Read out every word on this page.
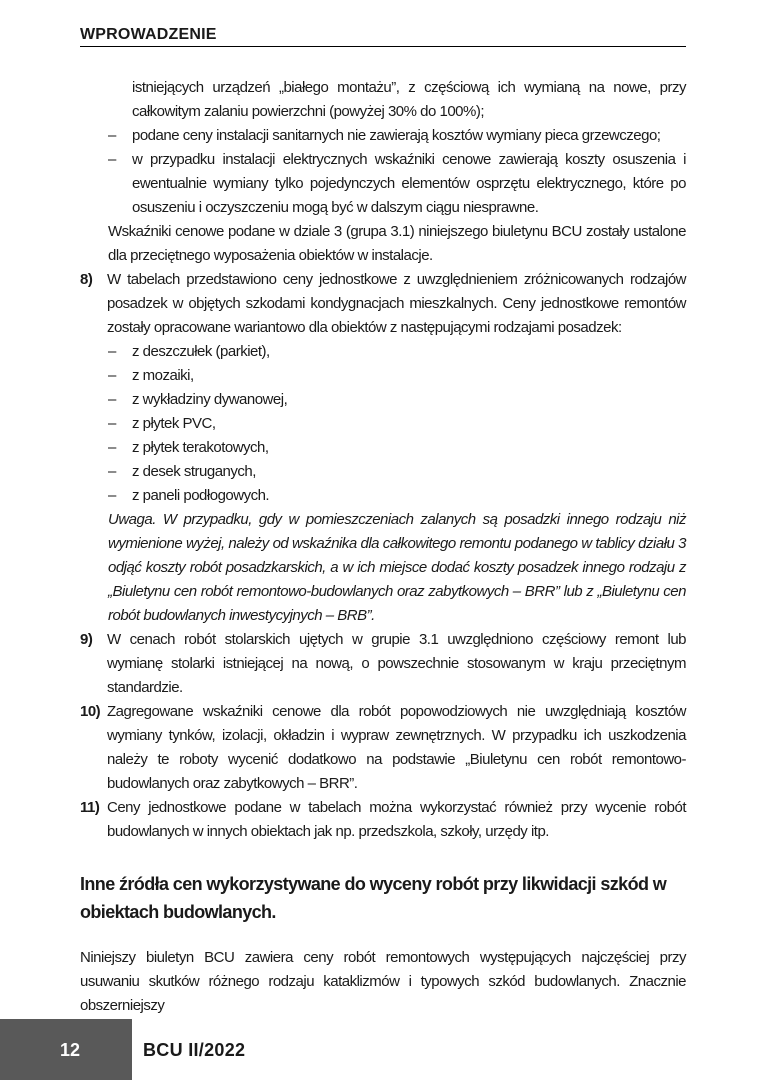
WPROWADZENIE

istniejących urządzeń „białego montażu”, z częściową ich wymianą na nowe, przy całkowitym zalaniu powierzchni (powyżej 30% do 100%);

–	podane ceny instalacji sanitarnych nie zawierają kosztów wymiany pieca grzewczego;
–	w przypadku instalacji elektrycznych wskaźniki cenowe zawierają koszty osuszenia i ewentualnie wymiany tylko pojedynczych elementów osprzętu elektrycznego, które po osuszeniu i oczyszczeniu mogą być w dalszym ciągu niesprawne.

Wskaźniki cenowe podane w dziale 3 (grupa 3.1) niniejszego biuletynu BCU zostały ustalone dla przeciętnego wyposażenia obiektów w instalacje.

8) W tabelach przedstawiono ceny jednostkowe z uwzględnieniem zróżnicowanych rodzajów posadzek w objętych szkodami kondygnacjach mieszkalnych. Ceny jednostkowe remontów zostały opracowane wariantowo dla obiektów z następującymi rodzajami posadzek:
–	z deszczułek (parkiet),
–	z mozaiki,
–	z wykładziny dywanowej,
–	z płytek PVC,
–	z płytek terakotowych,
–	z desek struganych,
–	z paneli podłogowych.

Uwaga. W przypadku, gdy w pomieszczeniach zalanych są posadzki innego rodzaju niż wymienione wyżej, należy od wskaźnika dla całkowitego remontu podanego w tablicy działu 3 odjąć koszty robót posadzkarskich, a w ich miejsce dodać koszty posadzek innego rodzaju z „Biuletynu cen robót remontowo-budowlanych oraz zabytkowych – BRR” lub z „Biuletynu cen robót budowlanych inwestycyjnych – BRB”.

9) W cenach robót stolarskich ujętych w grupie 3.1 uwzględniono częściowy remont lub wymianę stolarki istniejącej na nową, o powszechnie stosowanym w kraju przeciętnym standardzie.
10) Zagregowane wskaźniki cenowe dla robót popowodziowych nie uwzględniają kosztów wymiany tynków, izolacji, okładzin i wypraw zewnętrznych. W przypadku ich uszkodzenia należy te roboty wycenić dodatkowo na podstawie „Biuletynu cen robót remontowo-budowlanych oraz zabytkowych – BRR”.
11) Ceny jednostkowe podane w tabelach można wykorzystać również przy wycenie robót budowlanych w innych obiektach jak np. przedszkola, szkoły, urzędy itp.

Inne źródła cen wykorzystywane do wyceny robót przy likwidacji szkód w obiektach budowlanych.

Niniejszy biuletyn BCU zawiera ceny robót remontowych występujących najczęściej przy usuwaniu skutków różnego rodzaju kataklizmów i typowych szkód budowlanych. Znacznie obszerniejszy

12	BCU II/2022
